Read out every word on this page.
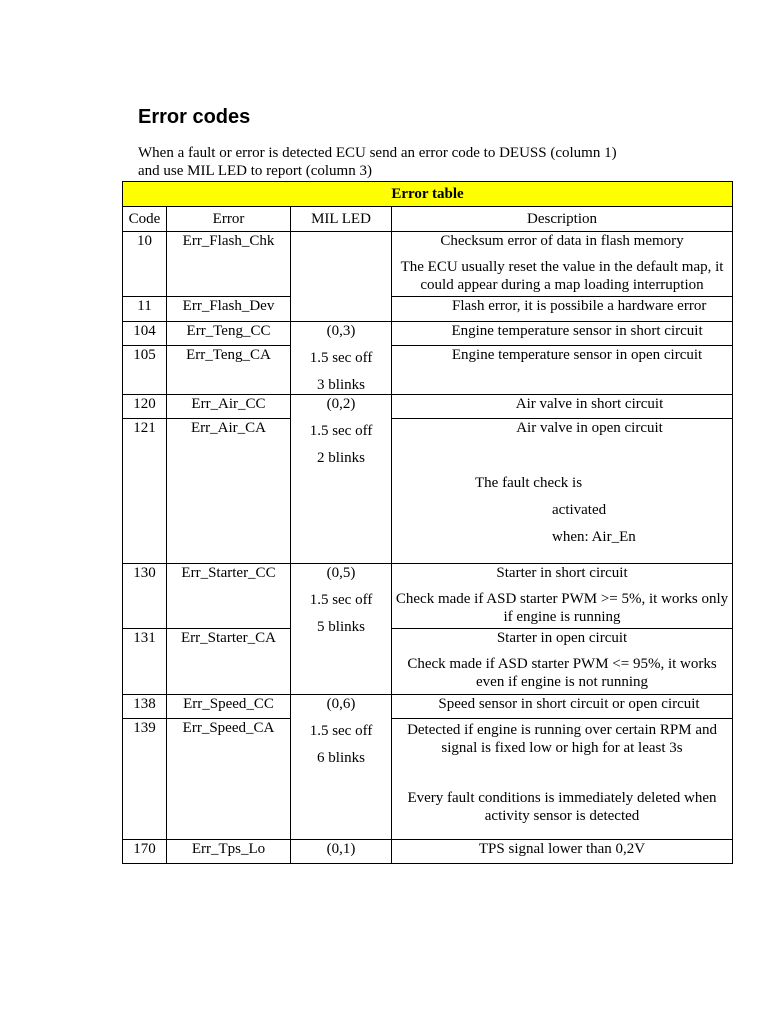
Error codes

When a fault or error is detected ECU send an error code to DEUSS (column 1) and use MIL LED to report (column 3)

Error table			
Code	Error	MIL LED	Description
10	Err_Flash_Chk		Checksum error of data in flash memory
The ECU usually reset the value in the default map, it could appear during a map loading interruption

11	Err_Flash_Dev		Flash error, it is possibile a hardware error

104	Err_Teng_CC	(0,3)
1.5 sec off
3 blinks	Engine temperature sensor in short circuit

105	Err_Teng_CA		Engine temperature sensor in open circuit

120	Err_Air_CC	(0,2)
1.5 sec off
2 blinks	Air valve in short circuit

121	Err_Air_CA		Air valve in open circuit
The fault check is
activated
when: Air_En

130	Err_Starter_CC	(0,5)
1.5 sec off
5 blinks	Starter in short circuit
Check made if ASD starter PWM >= 5%, it works only if engine is running

131	Err_Starter_CA		Starter in open circuit
Check made if ASD starter PWM <= 95%, it works even if engine is not running

138	Err_Speed_CC	(0,6)
1.5 sec off
6 blinks	Speed sensor in short circuit or open circuit

139	Err_Speed_CA		Detected if engine is running over certain RPM and signal is fixed low or high for at least 3s
Every fault conditions is immediately deleted when activity sensor is detected

170	Err_Tps_Lo	(0,1)	TPS signal lower than 0,2V
